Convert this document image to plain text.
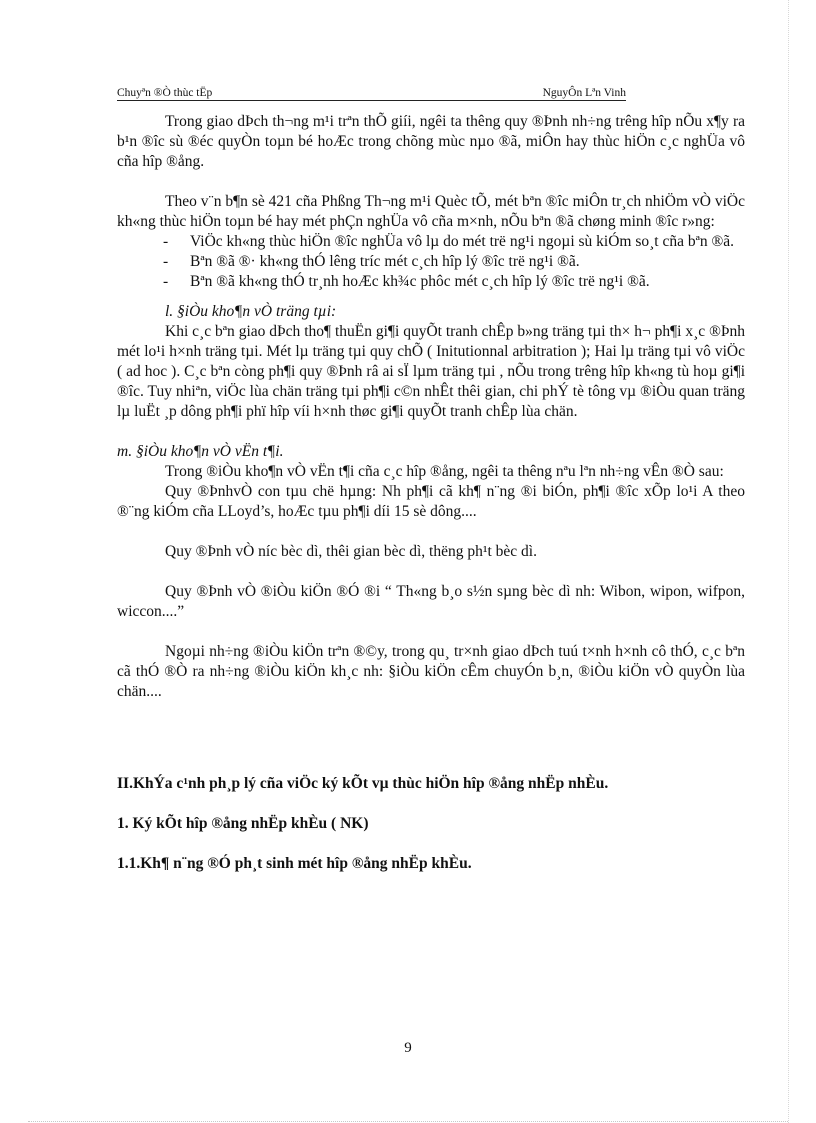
Chuyªn ®Ò thùc tËp	NguyÔn Lªn Vinh

Trong giao dÞch th¬ng m¹i trªn thÕ giíi, ngêi ta thêng quy ®Þnh nh÷ng trêng hîp nÕu x¶y ra b¹n ®îc sù ®éc quyÒn toµn bé hoÆc trong chõng mùc nµo ®ã, miÔn hay thùc hiÖn c¸c nghÜa vô cña hîp ®ång.

Theo v¨n b¶n sè 421 cña Phßng Th¬ng m¹i Quèc tÕ, mét bªn ®îc miÔn tr¸ch nhiÖm vÒ viÖc kh«ng thùc hiÖn toµn bé hay mét phÇn nghÜa vô cña m×nh, nÕu bªn ®ã chøng minh ®îc r»ng:

- ViÖc kh«ng thùc hiÖn ®îc nghÜa vô lµ do mét trë ng¹i ngoµi sù kiÓm so¸t cña bªn ®ã.
- Bªn ®ã ®· kh«ng thÓ lêng tríc mét c¸ch hîp lý ®îc trë ng¹i ®ã.
- Bªn ®ã kh«ng thÓ tr¸nh hoÆc kh¾c phôc mét c¸ch hîp lý ®îc trë ng¹i ®ã.

l. §iÒu kho¶n vÒ träng tµi:

Khi c¸c bªn giao dÞch tho¶ thuËn gi¶i quyÕt tranh chÊp b»ng träng tµi th× h¬ ph¶i x¸c ®Þnh mét lo¹i h×nh träng tµi. Mét lµ träng tµi quy chÕ ( Initutionnal arbitration ); Hai lµ träng tµi vô viÖc ( ad hoc ). C¸c bªn còng ph¶i quy ®Þnh râ ai sÏ lµm träng tµi , nÕu trong trêng hîp kh«ng tù hoµ gi¶i ®îc. Tuy nhiªn, viÖc lùa chän träng tµi ph¶i c©n nhÊt thêi gian, chi phÝ tè tông vµ ®iÒu quan träng lµ luËt ¸p dông ph¶i phï hîp víi h×nh thøc gi¶i quyÕt tranh chÊp lùa chän.

m. §iÒu kho¶n vÒ vËn t¶i.

Trong ®iÒu kho¶n vÒ vËn t¶i cña c¸c hîp ®ång, ngêi ta thêng nªu lªn nh÷ng vÊn ®Ò sau:

Quy ®ÞnhvÒ con tµu chë hµng: Nh ph¶i cã kh¶ n¨ng ®i biÓn, ph¶i ®îc xÕp lo¹i A theo ®¨ng kiÓm cña LLoyd’s, hoÆc tµu ph¶i díi 15 sè dông....

Quy ®Þnh vÒ níc bèc dì, thêi gian bèc dì, thëng ph¹t bèc dì.

Quy ®Þnh vÒ ®iÒu kiÖn ®Ó ®i “ Th«ng b¸o s½n sµng bèc dì nh: Wibon, wipon, wifpon, wiccon....”

Ngoµi nh÷ng ®iÒu kiÖn trªn ®©y, trong qu¸ tr×nh giao dÞch tuú t×nh h×nh cô thÓ, c¸c bªn cã thÓ ®Ò ra nh÷ng ®iÒu kiÖn kh¸c nh: §iÒu kiÖn cÊm chuyÓn b¸n, ®iÒu kiÖn vÒ quyÒn lùa chän....

II.KhÝa c¹nh ph¸p lý cña viÖc ký kÕt vµ thùc hiÖn hîp ®ång nhËp nhÈu.

1. Ký kÕt hîp ®ång nhËp khÈu ( NK)

1.1.Kh¶ n¨ng ®Ó ph¸t sinh mét hîp ®ång nhËp khÈu.

9
